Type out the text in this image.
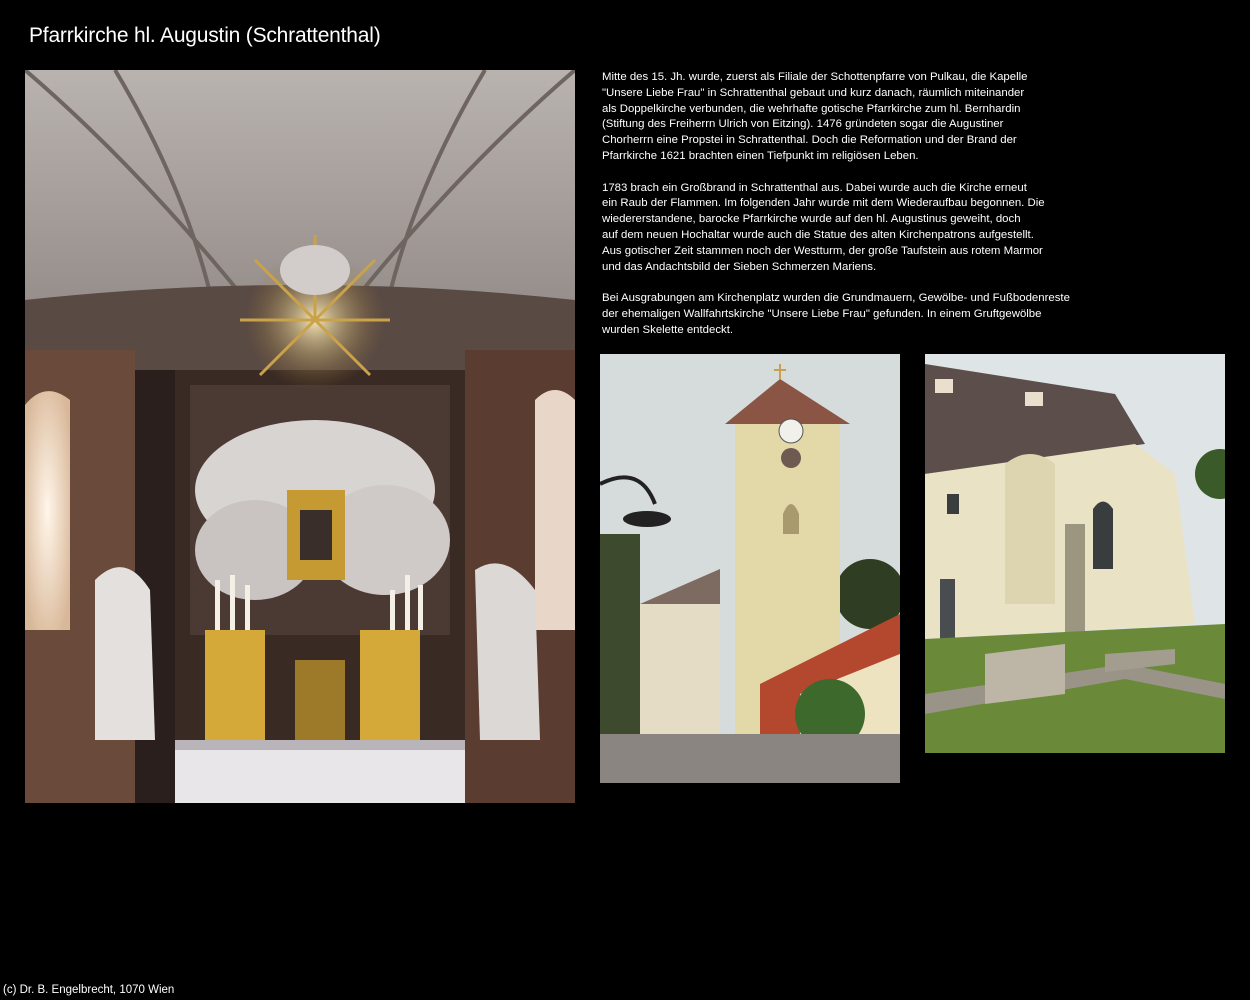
Pfarrkirche hl. Augustin (Schrattenthal)

Mitte des 15. Jh. wurde, zuerst als Filiale der Schottenpfarre von Pulkau, die Kapelle
"Unsere Liebe Frau" in Schrattenthal gebaut und kurz danach, räumlich miteinander
als Doppelkirche verbunden, die wehrhafte gotische Pfarrkirche zum hl. Bernhardin
(Stiftung des Freiherrn Ulrich von Eitzing). 1476 gründeten sogar die Augustiner
Chorherrn eine Propstei in Schrattenthal. Doch die Reformation und der Brand der
Pfarrkirche 1621 brachten einen Tiefpunkt im religiösen Leben.

1783 brach ein Großbrand in Schrattenthal aus. Dabei wurde auch die Kirche erneut
ein Raub der Flammen. Im folgenden Jahr wurde mit dem Wiederaufbau begonnen. Die
wiedererstandene, barocke Pfarrkirche wurde auf den hl. Augustinus geweiht, doch
auf dem neuen Hochaltar wurde auch die Statue des alten Kirchenpatrons aufgestellt.
Aus gotischer Zeit stammen noch der Westturm, der große Taufstein aus rotem Marmor
und das Andachtsbild der Sieben Schmerzen Mariens.

Bei Ausgrabungen am Kirchenplatz wurden die Grundmauern, Gewölbe- und Fußbodenreste
der ehemaligen Wallfahrtskirche "Unsere Liebe Frau" gefunden. In einem Gruftgewölbe
wurden Skelette entdeckt.

(c) Dr. B. Engelbrecht, 1070 Wien
